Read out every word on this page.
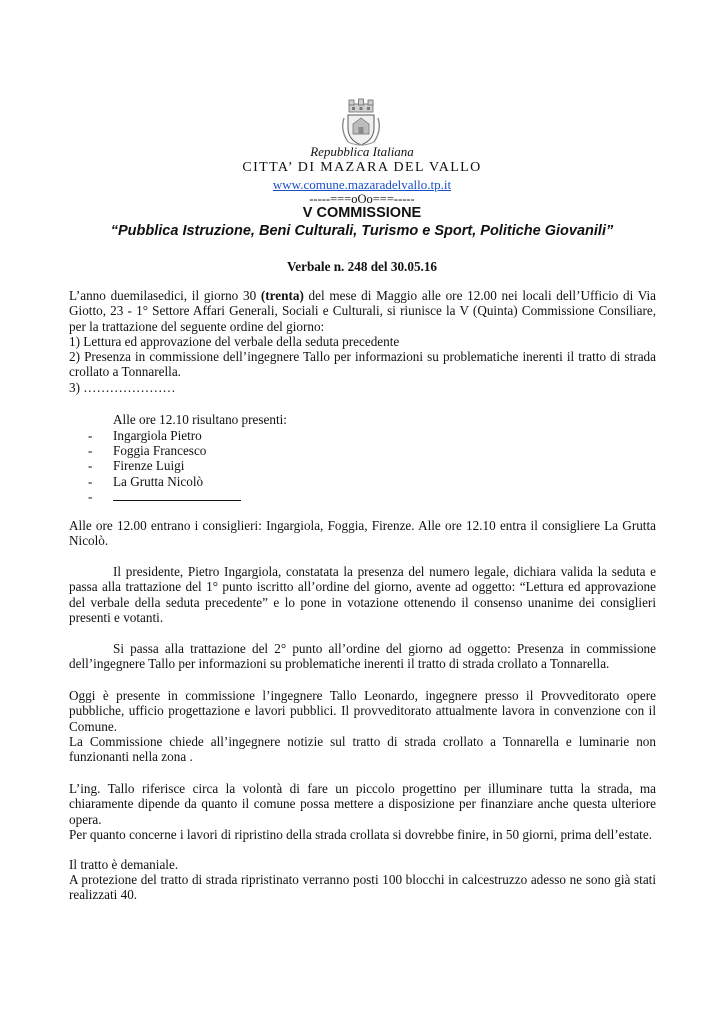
Repubblica Italiana
CITTA’ DI MAZARA DEL VALLO
www.comune.mazaradelvallo.tp.it
-----===oOo===-----
V COMMISSIONE
“Pubblica Istruzione, Beni Culturali, Turismo e Sport, Politiche Giovanili”
Verbale n. 248 del 30.05.16

L’anno duemilasedici, il giorno 30 (trenta) del mese di Maggio alle ore 12.00 nei locali dell’Ufficio di Via Giotto, 23 - 1° Settore Affari Generali, Sociali e Culturali, si riunisce la V (Quinta) Commissione Consiliare, per la trattazione del seguente ordine del giorno:

1) Lettura ed approvazione del verbale della seduta precedente
2) Presenza in commissione dell’ingegnere Tallo per informazioni su problematiche inerenti il tratto di strada crollato a Tonnarella.
3) …………………
Alle ore 12.10 risultano presenti:
- Ingargiola Pietro
- Foggia Francesco
- Firenze Luigi
- La Grutta Nicolò
-

Alle ore 12.00 entrano i consiglieri: Ingargiola, Foggia, Firenze. Alle ore 12.10 entra il consigliere La Grutta Nicolò.

Il presidente, Pietro Ingargiola, constatata la presenza del numero legale, dichiara valida la seduta e passa alla trattazione del 1° punto iscritto all’ordine del giorno, avente ad oggetto: “Lettura ed approvazione del verbale della seduta precedente” e lo pone in votazione ottenendo il consenso unanime dei consiglieri presenti e votanti.

Si passa alla trattazione del 2° punto all’ordine del giorno ad oggetto: Presenza in commissione dell’ingegnere Tallo per informazioni su problematiche inerenti il tratto di strada crollato a Tonnarella.

Oggi è presente in commissione l’ingegnere Tallo Leonardo, ingegnere presso il Provveditorato opere pubbliche, ufficio progettazione e lavori pubblici. Il provveditorato attualmente lavora in convenzione con il Comune.

La Commissione chiede all’ingegnere notizie sul tratto di strada crollato a Tonnarella e luminarie non funzionanti nella zona .

L’ing. Tallo riferisce circa la volontà di fare un piccolo progettino per illuminare tutta la strada, ma chiaramente dipende da quanto il comune possa mettere a disposizione per finanziare anche questa ulteriore opera.

Per quanto concerne i lavori di ripristino della strada crollata si dovrebbe finire, in 50 giorni, prima dell’estate.

Il tratto è demaniale.

A protezione del tratto di strada ripristinato verranno posti 100 blocchi in calcestruzzo adesso ne sono già stati realizzati 40.
